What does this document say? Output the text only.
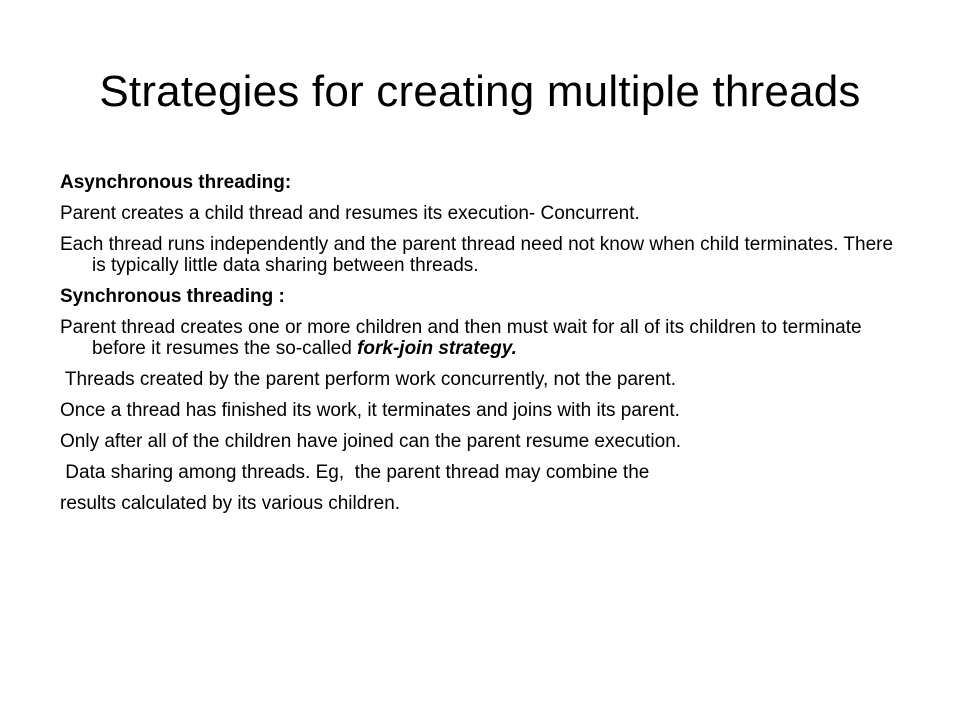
Strategies for creating multiple threads

Asynchronous threading:

Parent creates a child thread and resumes its execution- Concurrent.

Each thread runs independently and the parent thread need not know when child terminates. There is typically little data sharing between threads.

Synchronous threading :

Parent thread creates one or more children and then must wait for all of its children to terminate before it resumes the so-called fork-join strategy.

Threads created by the parent perform work concurrently, not the parent.

Once a thread has finished its work, it terminates and joins with its parent.

Only after all of the children have joined can the parent resume execution.

Data sharing among threads. Eg,  the parent thread may combine the

results calculated by its various children.
